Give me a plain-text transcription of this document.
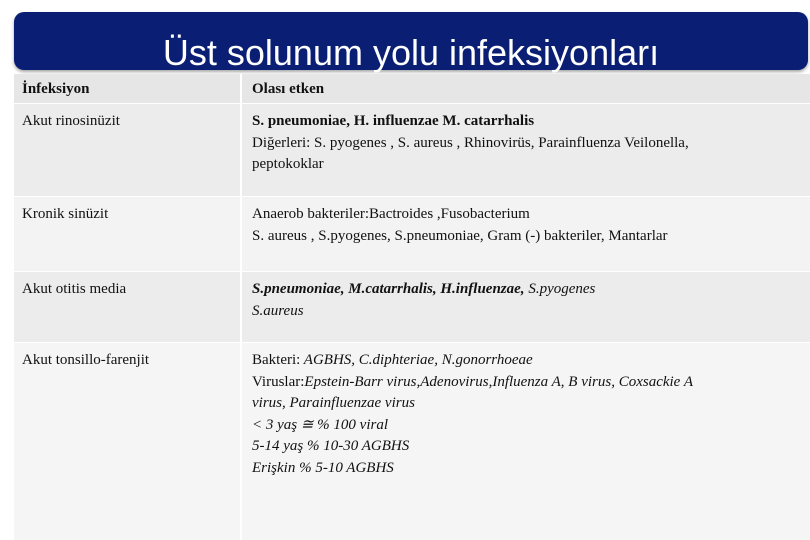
Üst solunum yolu infeksiyonları
İnfeksiyon	Olası etken
Akut rinosinüzit	S. pneumoniae, H. influenzae M. catarrhalis
Diğerleri: S. pyogenes , S. aureus , Rhinovirüs, Parainfluenza Veilonella,
peptokoklar
Kronik sinüzit	Anaerob bakteriler:Bactroides ,Fusobacterium
S. aureus , S.pyogenes, S.pneumoniae, Gram (-) bakteriler, Mantarlar
Akut otitis media	S.pneumoniae, M.catarrhalis, H.influenzae, S.pyogenes
S.aureus
Akut tonsillo-farenjit	Bakteri: AGBHS, C.diphteriae, N.gonorrhoeae
Viruslar:Epstein-Barr virus,Adenovirus,Influenza A, B virus, Coxsackie A
virus, Parainfluenzae virus
< 3 yaş ≅ % 100 viral
5-14 yaş % 10-30 AGBHS
Erişkin % 5-10 AGBHS
